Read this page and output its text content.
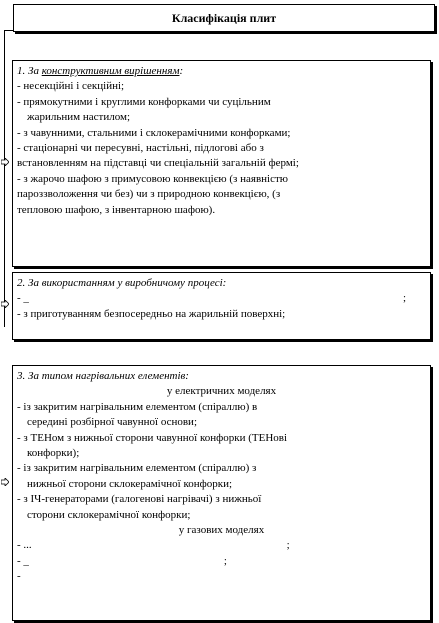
Класифікація плит
1. За конструктивним вирішенням:
- несекційні і секційні;
- прямокутними і круглими конфорками чи суцільним
жарильним настилом;
- з чавунними, стальними і склокерамічними конфорками;
- стаціонарні чи пересувні, настільні, підлогові або з
встановленням на підставці чи спеціальній загальній фермі;
- з жарочо шафою з примусовою конвекцією (з наявністю
пароззволоження чи без) чи з природною конвекцією, (з
тепловою шафою, з інвентарною шафою).
2. За використанням у виробничому процесі:
- _	;
- з приготуванням безпосередньо на жарильній поверхні;
3. За типом нагрівальних елементів:
у електричних моделях
- із закритим нагрівальним елементом (спіраллю) в
середині розбірної чавунної основи;
- з ТЕНом з нижньої сторони чавунної конфорки (ТЕНові
конфорки);
- із закритим нагрівальним елементом (спіраллю) з
нижньої сторони склокерамічної конфорки;
- з ІЧ-генераторами (галогенові нагрівачі) з нижньої
сторони склокерамічної конфорки;
у газових моделях
- ...	;
- _	;
-
